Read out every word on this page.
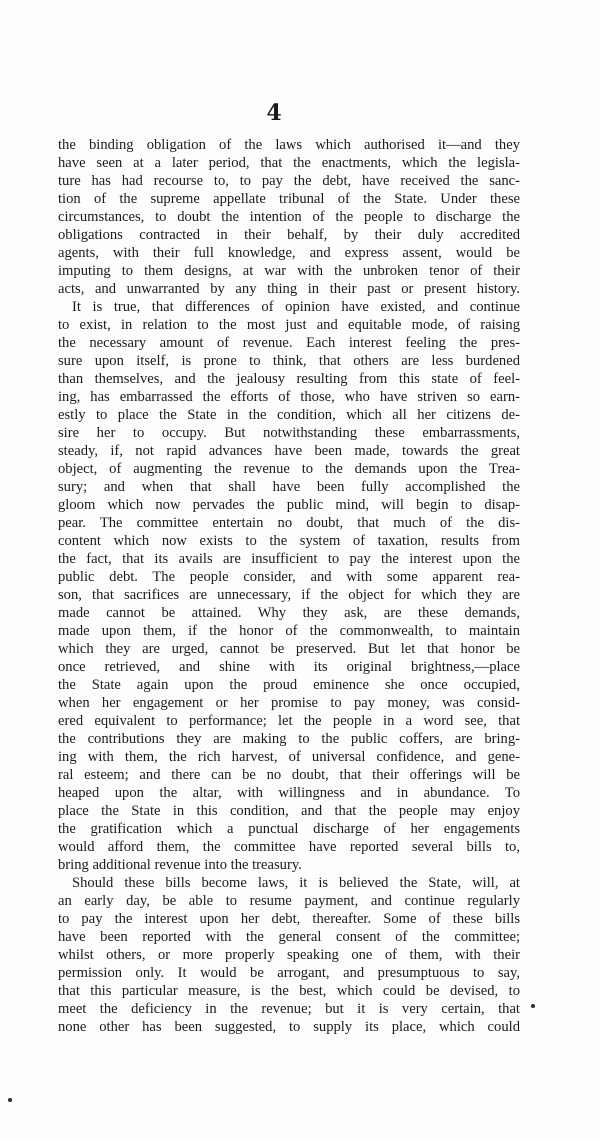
4
the binding obligation of the laws which authorised it—and they
have seen at a later period, that the enactments, which the legisla-
ture has had recourse to, to pay the debt, have received the sanc-
tion of the supreme appellate tribunal of the State. Under these
circumstances, to doubt the intention of the people to discharge the
obligations contracted in their behalf, by their duly accredited
agents, with their full knowledge, and express assent, would be
imputing to them designs, at war with the unbroken tenor of their
acts, and unwarranted by any thing in their past or present history.
It is true, that differences of opinion have existed, and continue
to exist, in relation to the most just and equitable mode, of raising
the necessary amount of revenue. Each interest feeling the pres-
sure upon itself, is prone to think, that others are less burdened
than themselves, and the jealousy resulting from this state of feel-
ing, has embarrassed the efforts of those, who have striven so earn-
estly to place the State in the condition, which all her citizens de-
sire her to occupy. But notwithstanding these embarrassments,
steady, if, not rapid advances have been made, towards the great
object, of augmenting the revenue to the demands upon the Trea-
sury; and when that shall have been fully accomplished the
gloom which now pervades the public mind, will begin to disap-
pear. The committee entertain no doubt, that much of the dis-
content which now exists to the system of taxation, results from
the fact, that its avails are insufficient to pay the interest upon the
public debt. The people consider, and with some apparent rea-
son, that sacrifices are unnecessary, if the object for which they are
made cannot be attained. Why they ask, are these demands,
made upon them, if the honor of the commonwealth, to maintain
which they are urged, cannot be preserved. But let that honor be
once retrieved, and shine with its original brightness,—place
the State again upon the proud eminence she once occupied,
when her engagement or her promise to pay money, was consid-
ered equivalent to performance; let the people in a word see, that
the contributions they are making to the public coffers, are bring-
ing with them, the rich harvest, of universal confidence, and gene-
ral esteem; and there can be no doubt, that their offerings will be
heaped upon the altar, with willingness and in abundance. To
place the State in this condition, and that the people may enjoy
the gratification which a punctual discharge of her engagements
would afford them, the committee have reported several bills to,
bring additional revenue into the treasury.
Should these bills become laws, it is believed the State, will, at
an early day, be able to resume payment, and continue regularly
to pay the interest upon her debt, thereafter. Some of these bills
have been reported with the general consent of the committee;
whilst others, or more properly speaking one of them, with their
permission only. It would be arrogant, and presumptuous to say,
that this particular measure, is the best, which could be devised, to
meet the deficiency in the revenue; but it is very certain, that
none other has been suggested, to supply its place, which could
